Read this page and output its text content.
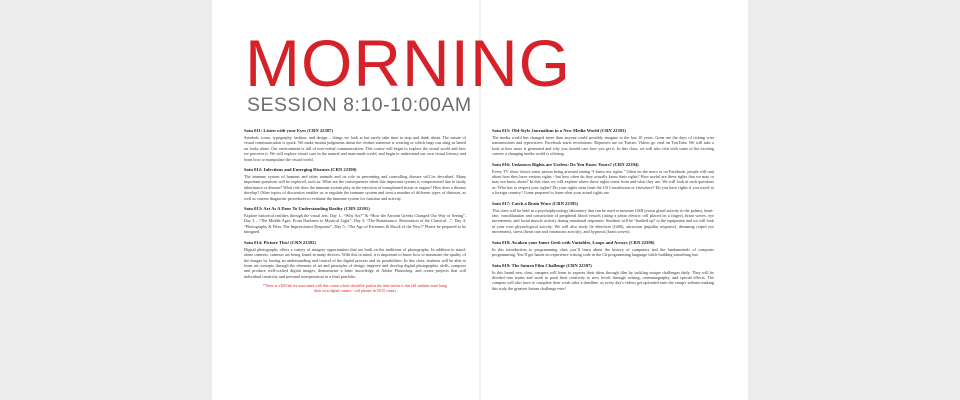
MORNING
SESSION 8:10-10:00AM

Satu 011: Listen with your Eyes (CRN 22387)

Symbols, icons, typography, fashion, and design – things we look at but rarely take time to stop and think about. The nature of visual communication is quick. We make instant judgments about the clothes someone is wearing or which bags can sting us based on looks alone. Our environment is full of non-verbal communication. This course will begin to explore the visual world and how we perceive it. We will explore visual cues in the natural and man-made world, and begin to understand our own visual literacy and learn how to manipulate the visual world.

Satu 012: Infectious and Emerging Diseases (CRN 22390)

The immune system of humans and other animals and its role in preventing and controlling disease will be described. Many important questions will be explored, such as: What are the consequences when this important system is compromised due to faulty inheritance or disease? What role does the immune system play in the rejection of transplanted tissue or organs? How does a disease develop? Other topics of discussion enables us to regulate the immune system and treat a number of different types of diseases, as well as current diagnostic procedures to evaluate the immune system for function and activity.

Satu 013: Art As A Door To Understanding Reality (CRN 22391)

Explore historical realities through the visual arts. Day 1– “Why Art?” & “How the Ancient Greeks Changed Our Way of Seeing”, Day 2 – “The Middle Ages: From Darkness to Mystical Light”, Day 3: “The Renaissance, Restoration of the Classical…”, Day 4: “Photography & Film: The Impressionist Response”, Day 5: “The Age of Extremes & Shock of the New!” Please be prepared to be intrigued.

Satu 014: Picture This! (CRN 22392)

Digital photography offers a variety of imagery opportunities that are built on the traditions of photography. In addition to stand-alone cameras, cameras are being found in many devices. With this in mind, it is important to know how to maximize the quality of the images by having an understanding and control of the digital process and its possibilities. In this class, students will be able to learn art concepts through the elements of art and principles of design, improve and develop digital photographic skills, compose and produce well-crafted digital images, demonstrate a basic knowledge of Adobe Photoshop, and create projects that will individual creativity and personal interpretation in a final portfolio.

*There is a $20 lab fee associated with this course which should be paid at the time tuition is due (all students must bring

their own digital camera - cell phones do NOT count)

Satu 015: Old-Style Journalism in a New Media World (CRN 22393)

The media world has changed more than anyone could possibly imagine in the last 10 years. Gone are the days of ticking wire transmissions and typewriters. Facebook starts revolutions. Reporters are on Twitter. Videos go viral on YouTube. We will take a look at how news is generated and why you should care how you get it. In this class, we will also visit with some of the exciting careers a changing media world is offering.

Satu 016: Unknown Rights are Useless: Do You Know Yours? (CRN 22394)

Every TV show shows some person being arrested stating “I know my rights.” Often on the news or on Facebook, people will rant about how they have various rights - but how often do they actually know their rights? How useful are these rights that we may or may not know about? In this class we will explore where those rights come from and what they are. We will look at such questions as: Who has to respect your rights? Do your rights stem from the US Constitution or elsewhere? Do you have rights if you travel to a foreign country? Come prepared to learn what your actual rights are.

Satu 017: Catch a Brain Wave (CRN 22395)

This class will be held in a psychophysiology laboratory that can be used to measure GSR (sweat gland activity in the palms), heart-rate, vasodilatation and constriction of peripheral blood vessels (using a photo electric cell placed on a finger), brain waves, eye movements, and facial muscle activity during emotional responses. Students will be “hooked up” to the equipment and we will look at your own physiological activity. We will also study lie detection (GSR), attraction (pupillar response), dreaming (rapid eye movement), stress (heart rate and vasomotor activity), and hypnosis (brain waves).

Satu 018: Awaken your Inner Geek with Variables, Loops and Arrays (CRN 22396)

In this introduction to programming class you’ll learn about the history of computers and the fundamentals of computer programming. You’ll get hands on experience writing code in the C# programming language while building something fun.

Satu 019: The Saturn Film Challenge (CRN 22397)

In this brand new class, campers will learn to express their ideas through film by tackling unique challenges daily. They will be divided into teams and work to push their creativity to new levels through writing, cinematography, and special effects. The campers will also have to complete their work rider a deadline, as every day's videos get uploaded onto the camp's website making this truly the greatest Saturn challenge ever!
